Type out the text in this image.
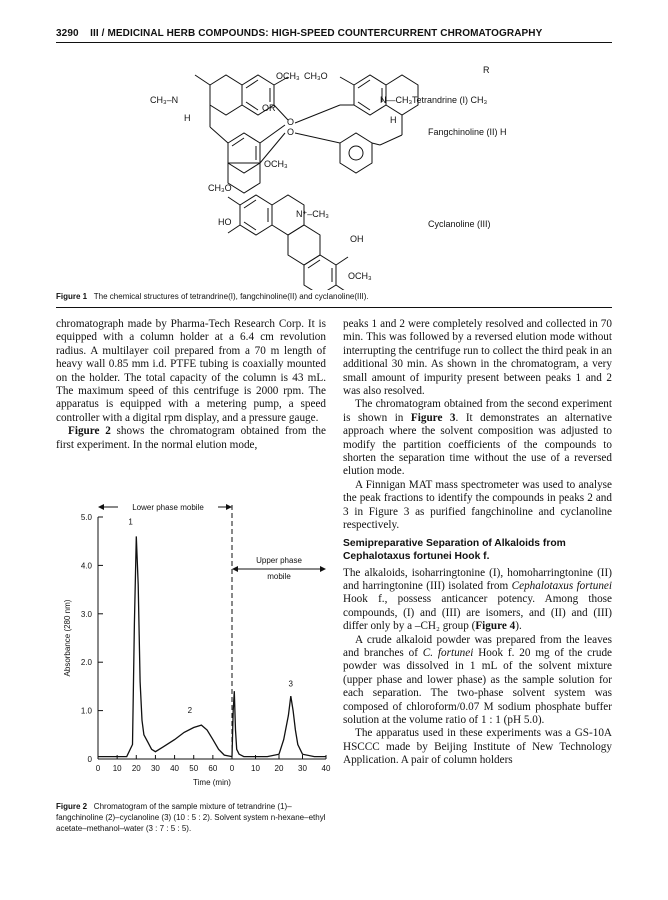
3290 III / MEDICINAL HERB COMPOUNDS: HIGH-SPEED COUNTERCURRENT CHROMATOGRAPHY
R
Tetrandrine (I) CH₃
Fangchinoline (II) H
Cyclanoline (III)
OCH₃ CH₃O
CH₃–N	N—CH₃
H	H
OR
O
O
OCH₃
CH₃O
HO
N⁺–CH₃
OH
OCH₃
Figure 1 The chemical structures of tetrandrine(I), fangchinoline(II) and cyclanoline(III).

chromatograph made by Pharma-Tech Research Corp. It is equipped with a column holder at a 6.4 cm revolution radius. A multilayer coil prepared from a 70 m length of heavy wall 0.85 mm i.d. PTFE tubing is coaxially mounted on the holder. The total capacity of the column is 43 mL. The maximum speed of this centrifuge is 2000 rpm. The apparatus is equipped with a metering pump, a speed controller with a digital rpm display, and a pressure gauge.

Figure 2 shows the chromatogram obtained from the first experiment. In the normal elution mode,

0
1.0
2.0
3.0
4.0
5.0
0 10 20 30 40 50 60 0 10 20 30 40
Time (min)
Absorbance (280 nm)
Lower phase mobile
Upper phase
mobile
1
2
3
Figure 2 Chromatogram of the sample mixture of tetrandrine (1)–fangchinoline (2)–cyclanoline (3) (10 : 5 : 2). Solvent system n-hexane–ethyl acetate–methanol–water (3 : 7 : 5 : 5).

peaks 1 and 2 were completely resolved and collected in 70 min. This was followed by a reversed elution mode without interrupting the centrifuge run to collect the third peak in an additional 30 min. As shown in the chromatogram, a very small amount of impurity present between peaks 1 and 2 was also resolved.

The chromatogram obtained from the second experiment is shown in Figure 3. It demonstrates an alternative approach where the solvent composition was adjusted to modify the partition coefficients of the compounds to shorten the separation time without the use of a reversed elution mode.

A Finnigan MAT mass spectrometer was used to analyse the peak fractions to identify the compounds in peaks 2 and 3 in Figure 3 as purified fangchinoline and cyclanoline respectively.

Semipreparative Separation of Alkaloids from Cephalotaxus fortunei Hook f.

The alkaloids, isoharringtonine (I), homoharringtonine (II) and harringtonine (III) isolated from Cephalotaxus fortunei Hook f., possess anticancer potency. Among those compounds, (I) and (III) are isomers, and (II) and (III) differ only by a –CH₂ group (Figure 4).

A crude alkaloid powder was prepared from the leaves and branches of C. fortunei Hook f. 20 mg of the crude powder was dissolved in 1 mL of the solvent mixture (upper phase and lower phase) as the sample solution for each separation. The two-phase solvent system was composed of chloroform/0.07 M sodium phosphate buffer solution at the volume ratio of 1 : 1 (pH 5.0).

The apparatus used in these experiments was a GS-10A HSCCC made by Beijing Institute of New Technology Application. A pair of column holders
